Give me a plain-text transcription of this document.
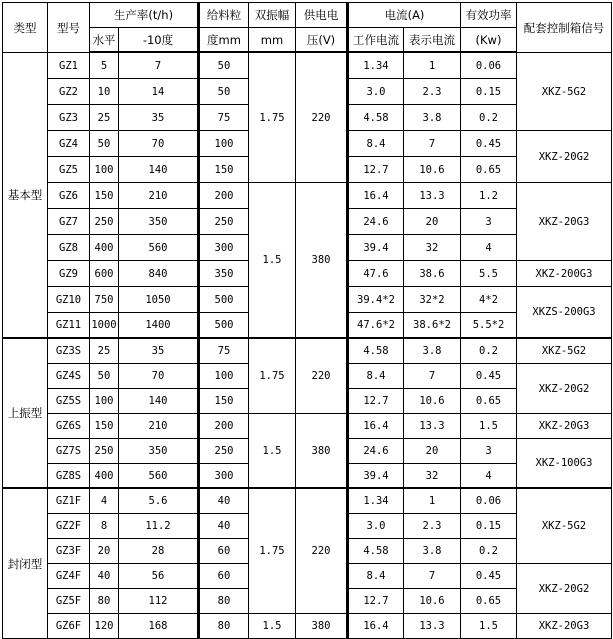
类型	型号	生产率(t/h)		给料粒	双振幅	供电电	电流(A)		有效功率	配套控制箱信号
		水平	-10度	度mm	mm	压(V)	工作电流	表示电流	(Kw)	
基本型	GZ1	5	7	50	1.75	220	1.34	1	0.06	XKZ-5G2
	GZ2	10	14	50			3.0	2.3	0.15	
	GZ3	25	35	75			4.58	3.8	0.2	
	GZ4	50	70	100			8.4	7	0.45	XKZ-20G2
	GZ5	100	140	150			12.7	10.6	0.65	
	GZ6	150	210	200	1.5	380	16.4	13.3	1.2	XKZ-20G3
	GZ7	250	350	250			24.6	20	3	
	GZ8	400	560	300			39.4	32	4	
	GZ9	600	840	350			47.6	38.6	5.5	XKZ-200G3
	GZ10	750	1050	500			39.4*2	32*2	4*2	XKZS-200G3
	GZ11	1000	1400	500			47.6*2	38.6*2	5.5*2	
上振型	GZ3S	25	35	75	1.75	220	4.58	3.8	0.2	XKZ-5G2
	GZ4S	50	70	100			8.4	7	0.45	XKZ-20G2
	GZ5S	100	140	150			12.7	10.6	0.65	
	GZ6S	150	210	200	1.5	380	16.4	13.3	1.5	XKZ-20G3
	GZ7S	250	350	250			24.6	20	3	XKZ-100G3
	GZ8S	400	560	300			39.4	32	4	
封闭型	GZ1F	4	5.6	40	1.75	220	1.34	1	0.06	XKZ-5G2
	GZ2F	8	11.2	40			3.0	2.3	0.15	
	GZ3F	20	28	60			4.58	3.8	0.2	
	GZ4F	40	56	60			8.4	7	0.45	XKZ-20G2
	GZ5F	80	112	80			12.7	10.6	0.65	
	GZ6F	120	168	80	1.5	380	16.4	13.3	1.5	XKZ-20G3
